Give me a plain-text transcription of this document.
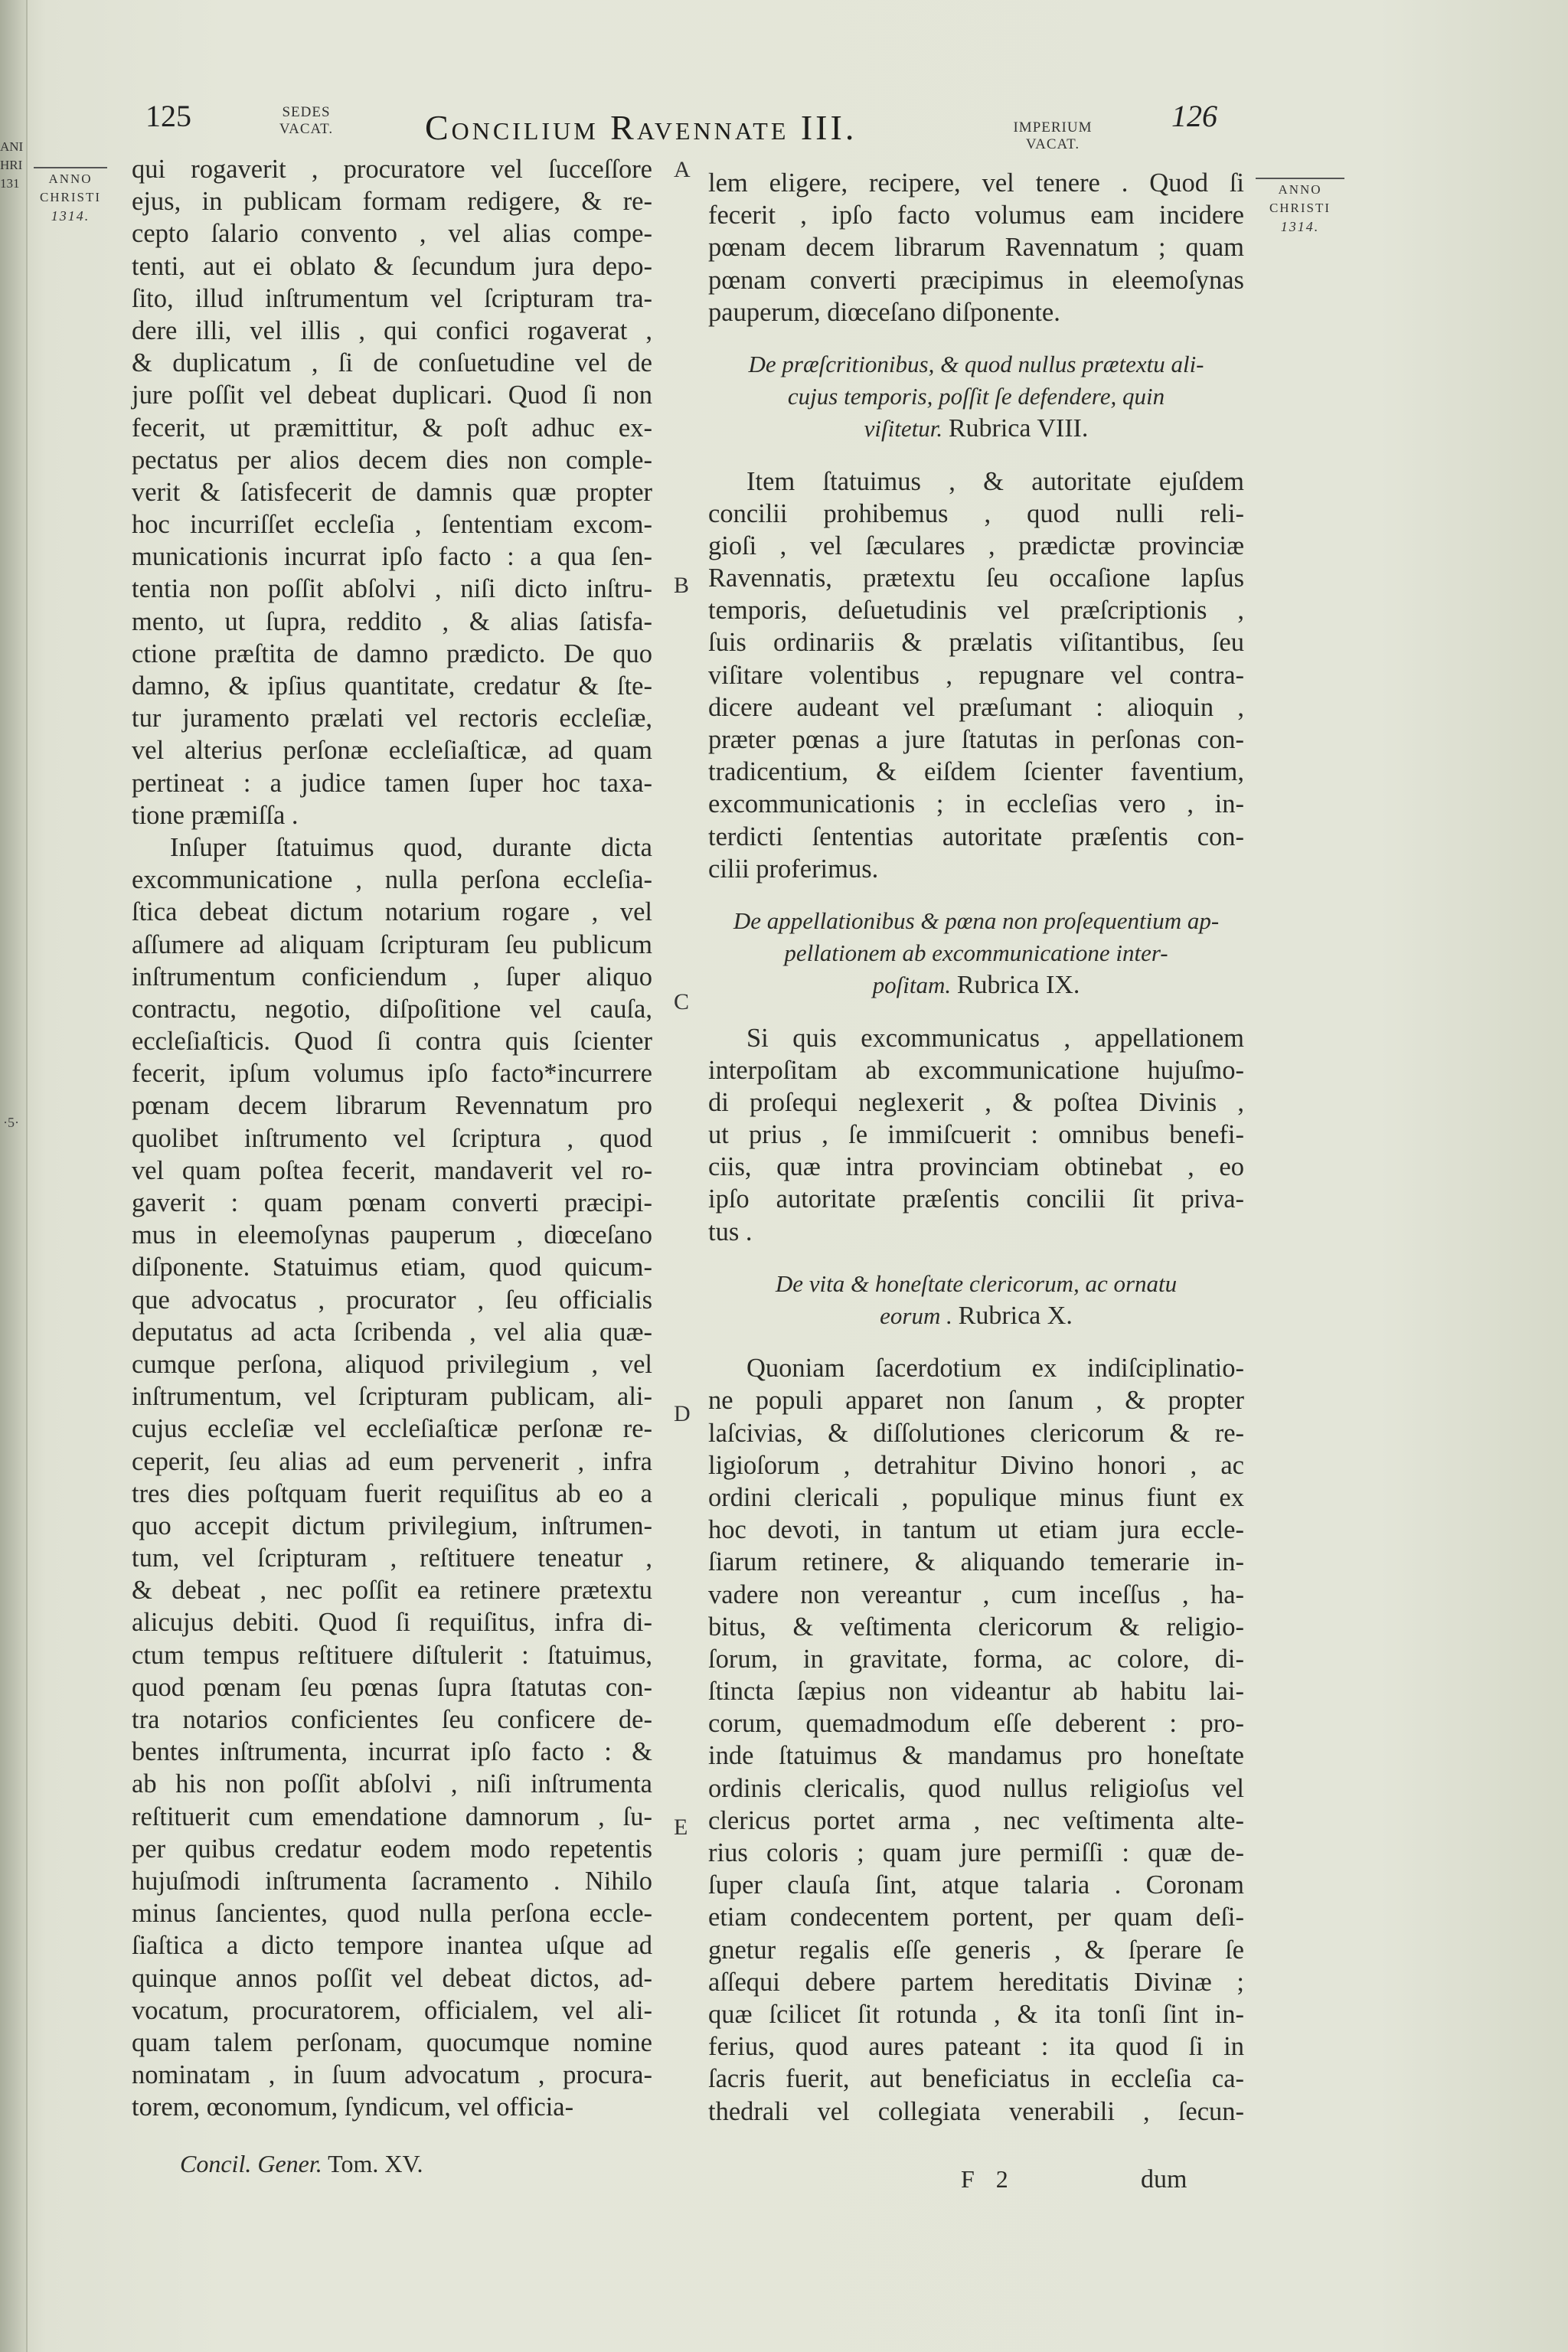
ANI
HRI
131
·5·
125	SEDES
VACAT.	Concilium Ravennate III.	IMPERIUM
VACAT.
126
ANNO
CHRISTI
1314.
ANNO
CHRISTI
1314.
A
B
C
D
E
qui rogaverit , procuratore vel ſucceſſore
ejus, in publicam formam redigere, & re-
cepto ſalario convento , vel alias compe-
tenti, aut ei oblato & ſecundum jura depo-
ſito, illud inſtrumentum vel ſcripturam tra-
dere illi, vel illis , qui confici rogaverat ,
& duplicatum , ſi de conſuetudine vel de
jure poſſit vel debeat duplicari. Quod ſi non
fecerit, ut præmittitur, & poſt adhuc ex-
pectatus per alios decem dies non comple-
verit & ſatisfecerit de damnis quæ propter
hoc incurriſſet eccleſia , ſententiam excom-
municationis incurrat ipſo facto : a qua ſen-
tentia non poſſit abſolvi , niſi dicto inſtru-
mento, ut ſupra, reddito , & alias ſatisfa-
ctione præſtita de damno prædicto. De quo
damno, & ipſius quantitate, credatur & ſte-
tur juramento prælati vel rectoris eccleſiæ,
vel alterius perſonæ eccleſiaſticæ, ad quam
pertineat : a judice tamen ſuper hoc taxa-
tione præmiſſa .
Inſuper ſtatuimus quod, durante dicta
excommunicatione , nulla perſona eccleſia-
ſtica debeat dictum notarium rogare , vel
aſſumere ad aliquam ſcripturam ſeu publicum
inſtrumentum conficiendum , ſuper aliquo
contractu, negotio, diſpoſitione vel cauſa,
eccleſiaſticis. Quod ſi contra quis ſcienter
fecerit, ipſum volumus ipſo facto*incurrere
pœnam decem librarum Revennatum pro
quolibet inſtrumento vel ſcriptura , quod
vel quam poſtea fecerit, mandaverit vel ro-
gaverit : quam pœnam converti præcipi-
mus in eleemoſynas pauperum , diœceſano
diſponente. Statuimus etiam, quod quicum-
que advocatus , procurator , ſeu officialis
deputatus ad acta ſcribenda , vel alia quæ-
cumque perſona, aliquod privilegium , vel
inſtrumentum, vel ſcripturam publicam, ali-
cujus eccleſiæ vel eccleſiaſticæ perſonæ re-
ceperit, ſeu alias ad eum pervenerit , infra
tres dies poſtquam fuerit requiſitus ab eo a
quo accepit dictum privilegium, inſtrumen-
tum, vel ſcripturam , reſtituere teneatur ,
& debeat , nec poſſit ea retinere prætextu
alicujus debiti. Quod ſi requiſitus, infra di-
ctum tempus reſtituere diſtulerit : ſtatuimus,
quod pœnam ſeu pœnas ſupra ſtatutas con-
tra notarios conficientes ſeu conficere de-
bentes inſtrumenta, incurrat ipſo facto : &
ab his non poſſit abſolvi , niſi inſtrumenta
reſtituerit cum emendatione damnorum , ſu-
per quibus credatur eodem modo repetentis
hujuſmodi inſtrumenta ſacramento . Nihilo
minus ſancientes, quod nulla perſona eccle-
ſiaſtica a dicto tempore inantea uſque ad
quinque annos poſſit vel debeat dictos, ad-
vocatum, procuratorem, officialem, vel ali-
quam talem perſonam, quocumque nomine
nominatam , in ſuum advocatum , procura-
torem, œconomum, ſyndicum, vel officia-
lem eligere, recipere, vel tenere . Quod ſi
fecerit , ipſo facto volumus eam incidere
pœnam decem librarum Ravennatum ; quam
pœnam converti præcipimus in eleemoſynas
pauperum, diœceſano diſponente.
De præſcritionibus, & quod nullus prætextu ali-
cujus temporis, poſſit ſe defendere, quin
viſitetur. Rubrica VIII.
Item ſtatuimus , & autoritate ejuſdem
concilii prohibemus , quod nulli reli-
gioſi , vel ſæculares , prædictæ provinciæ
Ravennatis, prætextu ſeu occaſione lapſus
temporis, deſuetudinis vel præſcriptionis ,
ſuis ordinariis & prælatis viſitantibus, ſeu
viſitare volentibus , repugnare vel contra-
dicere audeant vel præſumant : alioquin ,
præter pœnas a jure ſtatutas in perſonas con-
tradicentium, & eiſdem ſcienter faventium,
excommunicationis ; in eccleſias vero , in-
terdicti ſententias autoritate præſentis con-
cilii proferimus.
De appellationibus & pœna non proſequentium ap-
pellationem ab excommunicatione inter-
poſitam. Rubrica IX.
Si quis excommunicatus , appellationem
interpoſitam ab excommunicatione hujuſmo-
di proſequi neglexerit , & poſtea Divinis ,
ut prius , ſe immiſcuerit : omnibus benefi-
ciis, quæ intra provinciam obtinebat , eo
ipſo autoritate præſentis concilii ſit priva-
tus .
De vita & honeſtate clericorum, ac ornatu
eorum . Rubrica X.
Quoniam ſacerdotium ex indiſciplinatio-
ne populi apparet non ſanum , & propter
laſcivias, & diſſolutiones clericorum & re-
ligioſorum , detrahitur Divino honori , ac
ordini clericali , populique minus fiunt ex
hoc devoti, in tantum ut etiam jura eccle-
ſiarum retinere, & aliquando temerarie in-
vadere non vereantur , cum inceſſus , ha-
bitus, & veſtimenta clericorum & religio-
ſorum, in gravitate, forma, ac colore, di-
ſtincta ſæpius non videantur ab habitu lai-
corum, quemadmodum eſſe deberent : pro-
inde ſtatuimus & mandamus pro honeſtate
ordinis clericalis, quod nullus religioſus vel
clericus portet arma , nec veſtimenta alte-
rius coloris ; quam jure permiſſi : quæ de-
ſuper clauſa ſint, atque talaria . Coronam
etiam condecentem portent, per quam deſi-
gnetur regalis eſſe generis , & ſperare ſe
aſſequi debere partem hereditatis Divinæ ;
quæ ſcilicet ſit rotunda , & ita tonſi ſint in-
ferius, quod aures pateant : ita quod ſi in
ſacris fuerit, aut beneficiatus in eccleſia ca-
thedrali vel collegiata venerabili , ſecun-
Concil. Gener. Tom. XV.
F 2	dum
